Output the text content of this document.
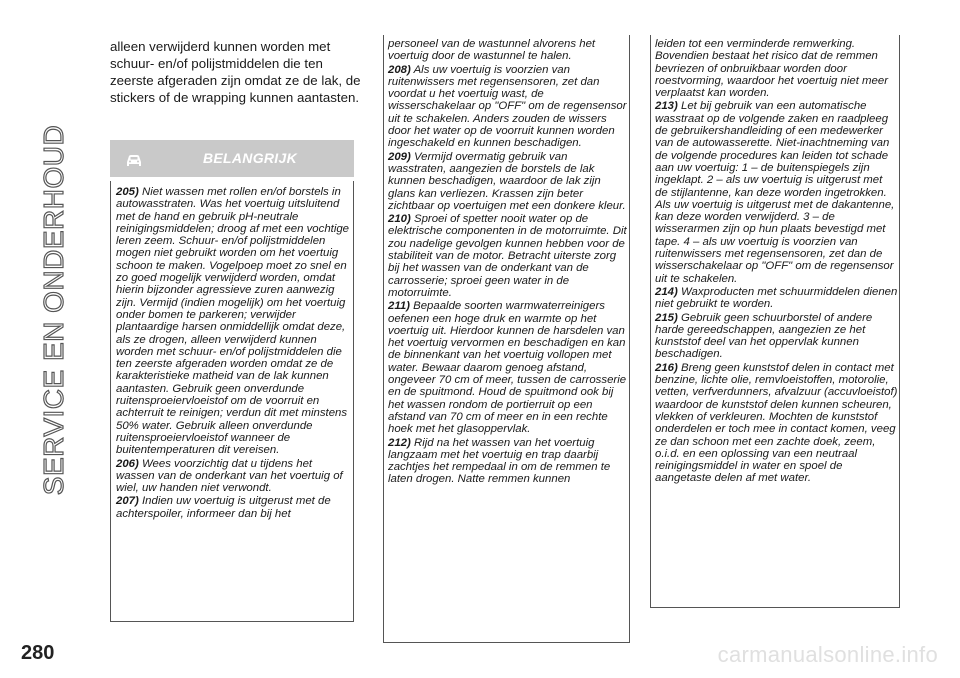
SERVICE EN ONDERHOUD
alleen verwijderd kunnen worden met schuur- en/of polijstmiddelen die ten zeerste afgeraden zijn omdat ze de lak, de stickers of de wrapping kunnen aantasten.
BELANGRIJK

205) Niet wassen met rollen en/of borstels in autowasstraten. Was het voertuig uitsluitend met de hand en gebruik pH-neutrale reinigingsmiddelen; droog af met een vochtige leren zeem. Schuur- en/of polijstmiddelen mogen niet gebruikt worden om het voertuig schoon te maken. Vogelpoep moet zo snel en zo goed mogelijk verwijderd worden, omdat hierin bijzonder agressieve zuren aanwezig zijn. Vermijd (indien mogelijk) om het voertuig onder bomen te parkeren; verwijder plantaardige harsen onmiddellijk omdat deze, als ze drogen, alleen verwijderd kunnen worden met schuur- en/of polijstmiddelen die ten zeerste afgeraden worden omdat ze de karakteristieke matheid van de lak kunnen aantasten. Gebruik geen onverdunde ruitensproeiervloeistof om de voorruit en achterruit te reinigen; verdun dit met minstens 50% water. Gebruik alleen onverdunde ruitensproeiervloeistof wanneer de buitentemperaturen dit vereisen.

206) Wees voorzichtig dat u tijdens het wassen van de onderkant van het voertuig of wiel, uw handen niet verwondt.

207) Indien uw voertuig is uitgerust met de achterspoiler, informeer dan bij het

personeel van de wastunnel alvorens het voertuig door de wastunnel te halen.

208) Als uw voertuig is voorzien van ruitenwissers met regensensoren, zet dan voordat u het voertuig wast, de wisserschakelaar op "OFF" om de regensensor uit te schakelen. Anders zouden de wissers door het water op de voorruit kunnen worden ingeschakeld en kunnen beschadigen.

209) Vermijd overmatig gebruik van wasstraten, aangezien de borstels de lak kunnen beschadigen, waardoor de lak zijn glans kan verliezen. Krassen zijn beter zichtbaar op voertuigen met een donkere kleur.

210) Sproei of spetter nooit water op de elektrische componenten in de motorruimte. Dit zou nadelige gevolgen kunnen hebben voor de stabiliteit van de motor. Betracht uiterste zorg bij het wassen van de onderkant van de carrosserie; sproei geen water in de motorruimte.

211) Bepaalde soorten warmwaterreinigers oefenen een hoge druk en warmte op het voertuig uit. Hierdoor kunnen de harsdelen van het voertuig vervormen en beschadigen en kan de binnenkant van het voertuig vollopen met water. Bewaar daarom genoeg afstand, ongeveer 70 cm of meer, tussen de carrosserie en de spuitmond. Houd de spuitmond ook bij het wassen rondom de portierruit op een afstand van 70 cm of meer en in een rechte hoek met het glasoppervlak.

212) Rijd na het wassen van het voertuig langzaam met het voertuig en trap daarbij zachtjes het rempedaal in om de remmen te laten drogen. Natte remmen kunnen

leiden tot een verminderde remwerking. Bovendien bestaat het risico dat de remmen bevriezen of onbruikbaar worden door roestvorming, waardoor het voertuig niet meer verplaatst kan worden.

213) Let bij gebruik van een automatische wasstraat op de volgende zaken en raadpleeg de gebruikershandleiding of een medewerker van de autowasserette. Niet-inachtneming van de volgende procedures kan leiden tot schade aan uw voertuig: 1 – de buitenspiegels zijn ingeklapt. 2 – als uw voertuig is uitgerust met de stijlantenne, kan deze worden ingetrokken. Als uw voertuig is uitgerust met de dakantenne, kan deze worden verwijderd. 3 – de wisserarmen zijn op hun plaats bevestigd met tape. 4 – als uw voertuig is voorzien van ruitenwissers met regensensoren, zet dan de wisserschakelaar op "OFF" om de regensensor uit te schakelen.

214) Waxproducten met schuurmiddelen dienen niet gebruikt te worden.

215) Gebruik geen schuurborstel of andere harde gereedschappen, aangezien ze het kunststof deel van het oppervlak kunnen beschadigen.

216) Breng geen kunststof delen in contact met benzine, lichte olie, remvloeistoffen, motorolie, vetten, verfverdunners, afvalzuur (accuvloeistof) waardoor de kunststof delen kunnen scheuren, vlekken of verkleuren. Mochten de kunststof onderdelen er toch mee in contact komen, veeg ze dan schoon met een zachte doek, zeem, o.i.d. en een oplossing van een neutraal reinigingsmiddel in water en spoel de aangetaste delen af met water.

280	carmanualsonline.info
